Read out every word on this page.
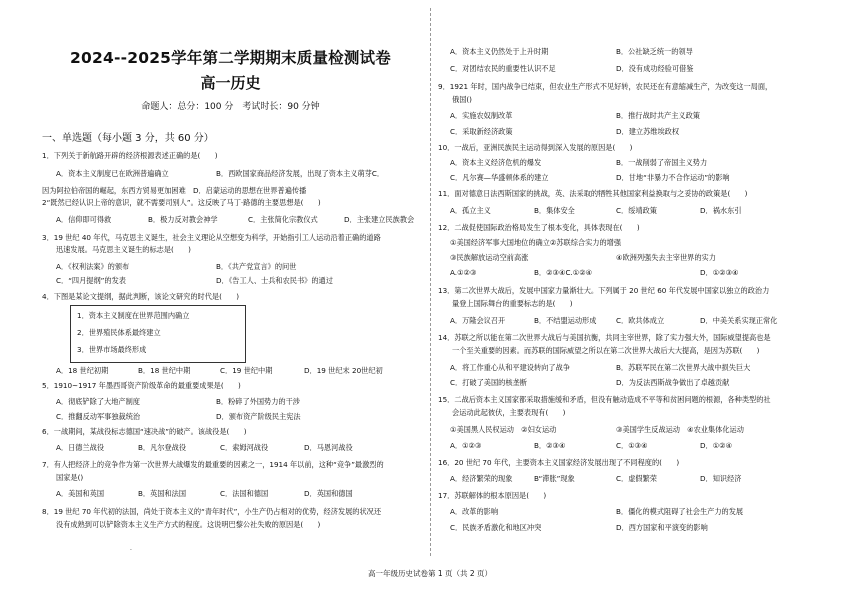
2024--2025学年第二学期期末质量检测试卷
高一历史
命题人：总分：100 分　考试时长：90 分钟
一、单选题（每小题 3 分，共 60 分）
1．下列关于新航路开辟的经济根源表述正确的是(　　)
A．资本主义制度已在欧洲普遍确立	B．西欧国家商品经济发展，出现了资本主义萌芽C．
因为阿拉伯帝国的崛起，东西方贸易更加困难　D．启蒙运动的思想在世界普遍传播
2“既然已经认识上帝的意识，就不需要司别人”。这反映了马丁·路德的主要思想是(　　)
A．信仰即可得救	B．极力反对教会神学	C．主张简化宗教仪式	D．主张建立民族教会
3．19 世纪 40 年代，马克思主义诞生，社会主义理论从空想变为科学，开始指引工人运动沿着正确的道路
迅速发展。马克思主义诞生的标志是(　　)
A．《权利法案》的颁布	B．《共产党宣言》的问世
C．“四月提纲”的发表	D．《告工人、士兵和农民书》的通过
4．下图是某论文提纲，据此判断，该论文研究的时代是(　　)
1．资本主义制度在世界范围内确立
2．世界殖民体系最终建立
3．世界市场最终形成
A．18 世纪初期	B．18 世纪中期	C．19 世纪中期	D．19 世纪末 20世纪初
5．1910~1917 年墨西哥资产阶级革命的最重要成果是(　　)
A．彻底铲除了大地产制度	B．粉碎了外国势力的干涉
C．推翻反动军事独裁统治	D．颁布资产阶级民主宪法
6．一战期间，某战役标志德国“速决战”的破产。该战役是(　　)
A．日德兰战役	B．凡尔登战役	C．索姆河战役	D．马恩河战役
7．有人把经济上的竞争作为第一次世界大战爆发的最重要的因素之一，1914 年以前，这种“竞争”最激烈的
国家是()
A．美国和英国	B．英国和法国	C．法国和德国	D．英国和德国
8．19 世纪 70 年代初的法国，尚处于资本主义的“青年时代”，小生产仍占相对的优势，经济发展的状况还
没有成熟到可以铲除资本主义生产方式的程度。这说明巴黎公社失败的原因是(　　)
.
A．资本主义仍然处于上升时期	B．公社缺乏统一的领导
C．对团结农民的重要性认识不足	D．没有成功经验可借鉴
9．1921 年时，国内战争已结束，但农业生产形式不见好转，农民还在有意缩减生产，为改变这一局面，
俄国()
A．实施农奴制改革	B．推行战时共产主义政策
C．采取新经济政策	D．建立苏维埃政权
10．一战后，亚洲民族民主运动得到深入发展的原因是(　　)
A．资本主义经济危机的爆发	B．一战削弱了帝国主义势力
C．凡尔赛—华盛顿体系的建立	D．甘地“非暴力不合作运动”的影响
11．面对德意日法西斯国家的挑战，英、法采取的牺牲其他国家利益换取与之妥协的政策是(　　)
A．孤立主义	B．集体安全	C．绥靖政策	D．祸水东引
12．二战促使国际政治格局发生了根本变化，具体表现在(　　)
①美国经济军事大国地位的确立②苏联综合实力的增强
③民族解放运动空前高涨	④欧洲列强失去主宰世界的实力
A.①②③	B．②③④C.①②④	D．①②③④
13．第二次世界大战后，发展中国家力量渐壮大。下列属于 20 世纪 60 年代发展中国家以独立的政治力
量登上国际舞台的重要标志的是(　　)
A．万隆会议召开	B．不结盟运动形成	C．欧共体成立	D．中美关系实现正常化
14．苏联之所以能在第二次世界大战后与美国抗衡，共同主宰世界，除了实力强大外，国际威望提高也是
一个至关重要的因素。而苏联的国际威望之所以在第二次世界大战后大大提高，是因为苏联(　　)
A．将工作重心从和平建设转向了战争	B．苏联军民在第二次世界大战中损失巨大
C．打破了美国的核垄断	D．为反法西斯战争做出了卓越贡献
15．二战后资本主义国家都采取措施缓和矛盾，但没有触动造成不平等和贫困问题的根源，各种类型的社
会运动此起彼伏，主要表现有(　　)
①美国黑人民权运动　②妇女运动	③美国学生反战运动　④农业集体化运动
A．①②③	B．②③④	C．①③④	D．①②④
16．20 世纪 70 年代，主要资本主义国家经济发展出现了不同程度的(　　)
A．经济繁荣的现象	B“滞胀”现象	C．虚假繁荣	D．知识经济
17．苏联解体的根本原因是(　　)
A．改革的影响	B．僵化的模式阻碍了社会生产力的发展
C．民族矛盾激化和地区冲突	D．西方国家和平演变的影响
高一年级历史试卷第 1 页（共 2 页）
